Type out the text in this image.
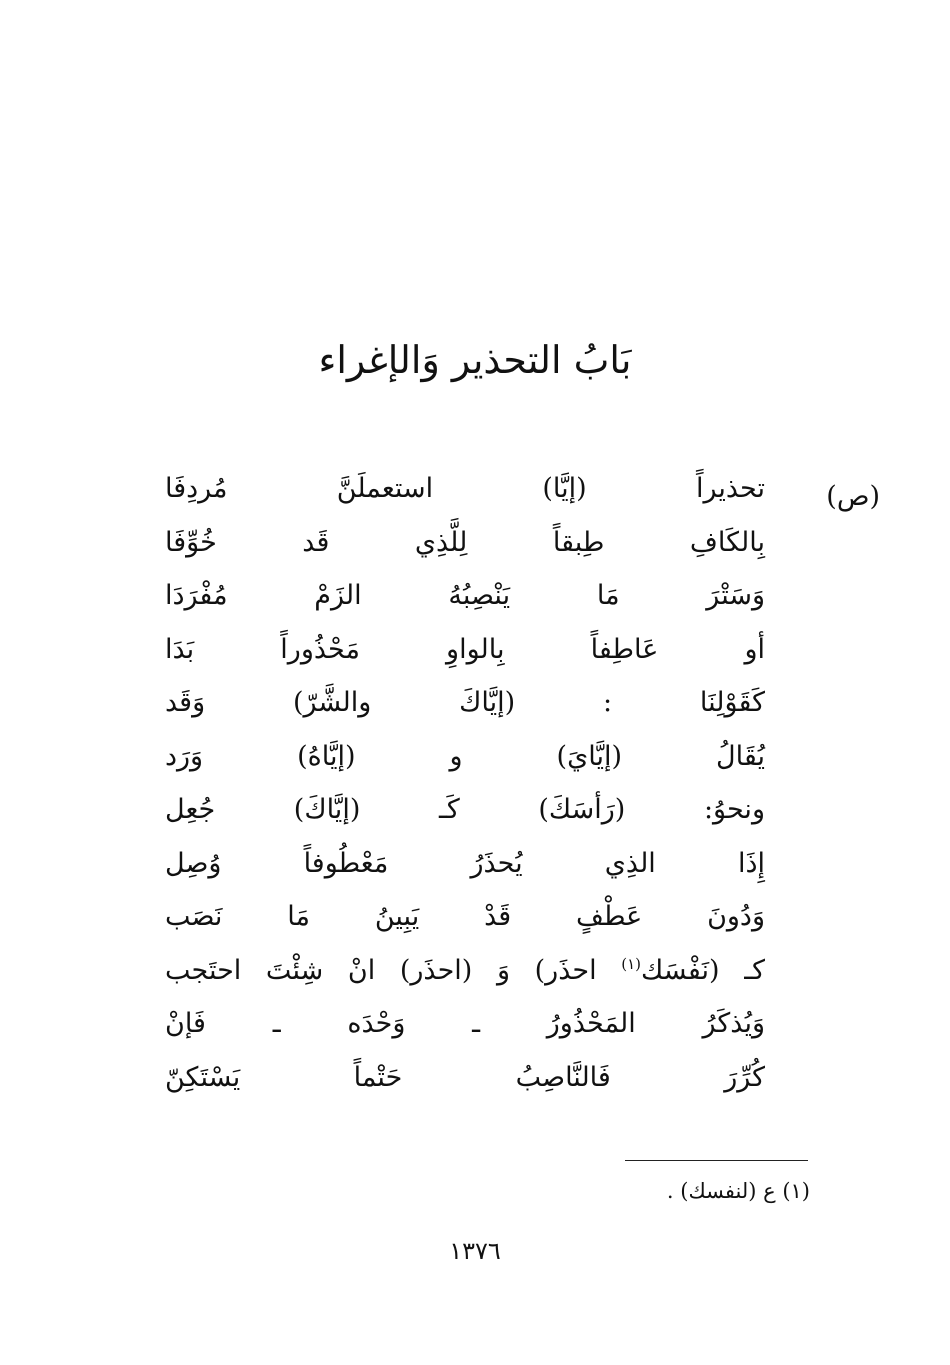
بَابُ التحذير وَالإغراء
(ص)
تحذيراً (إيَّا) استعملَنَّ مُردِفَا
بِالكَافِ طِبقاً لِلَّذِي قَد خُوِّفَا
وَسَتْرَ مَا يَنْصِبُهُ الزَمْ مُفْرَدَا
أو عَاطِفاً بِالواوِ مَحْذُوراً بَدَا
كَقَوْلِنَا : (إيَّاكَ والشَّرّ) وَقَد
يُقَالُ (إيَّايَ) و (إيَّاهُ) وَرَد
ونحوُ: (رَأسَكَ) كَـ (إيَّاكَ) جُعِل
إِذَا الذِي يُحذَرُ مَعْطُوفاً وُصِل
وَدُونَ عَطْفٍ قَدْ يَبِينُ مَا نَصَب
كـ (نَفْسَك$^{(١)}$ احذَر) وَ (احذَر) انْ شِئْتَ احتَجب
وَيُذكَرُ المَحْذُورُ ـ وَحْدَه ـ فَإنْ
كُرِّرَ فَالنَّاصِبُ حَتْماً يَسْتَكِنّ
(١) ع (لنفسك) .
١٣٧٦
